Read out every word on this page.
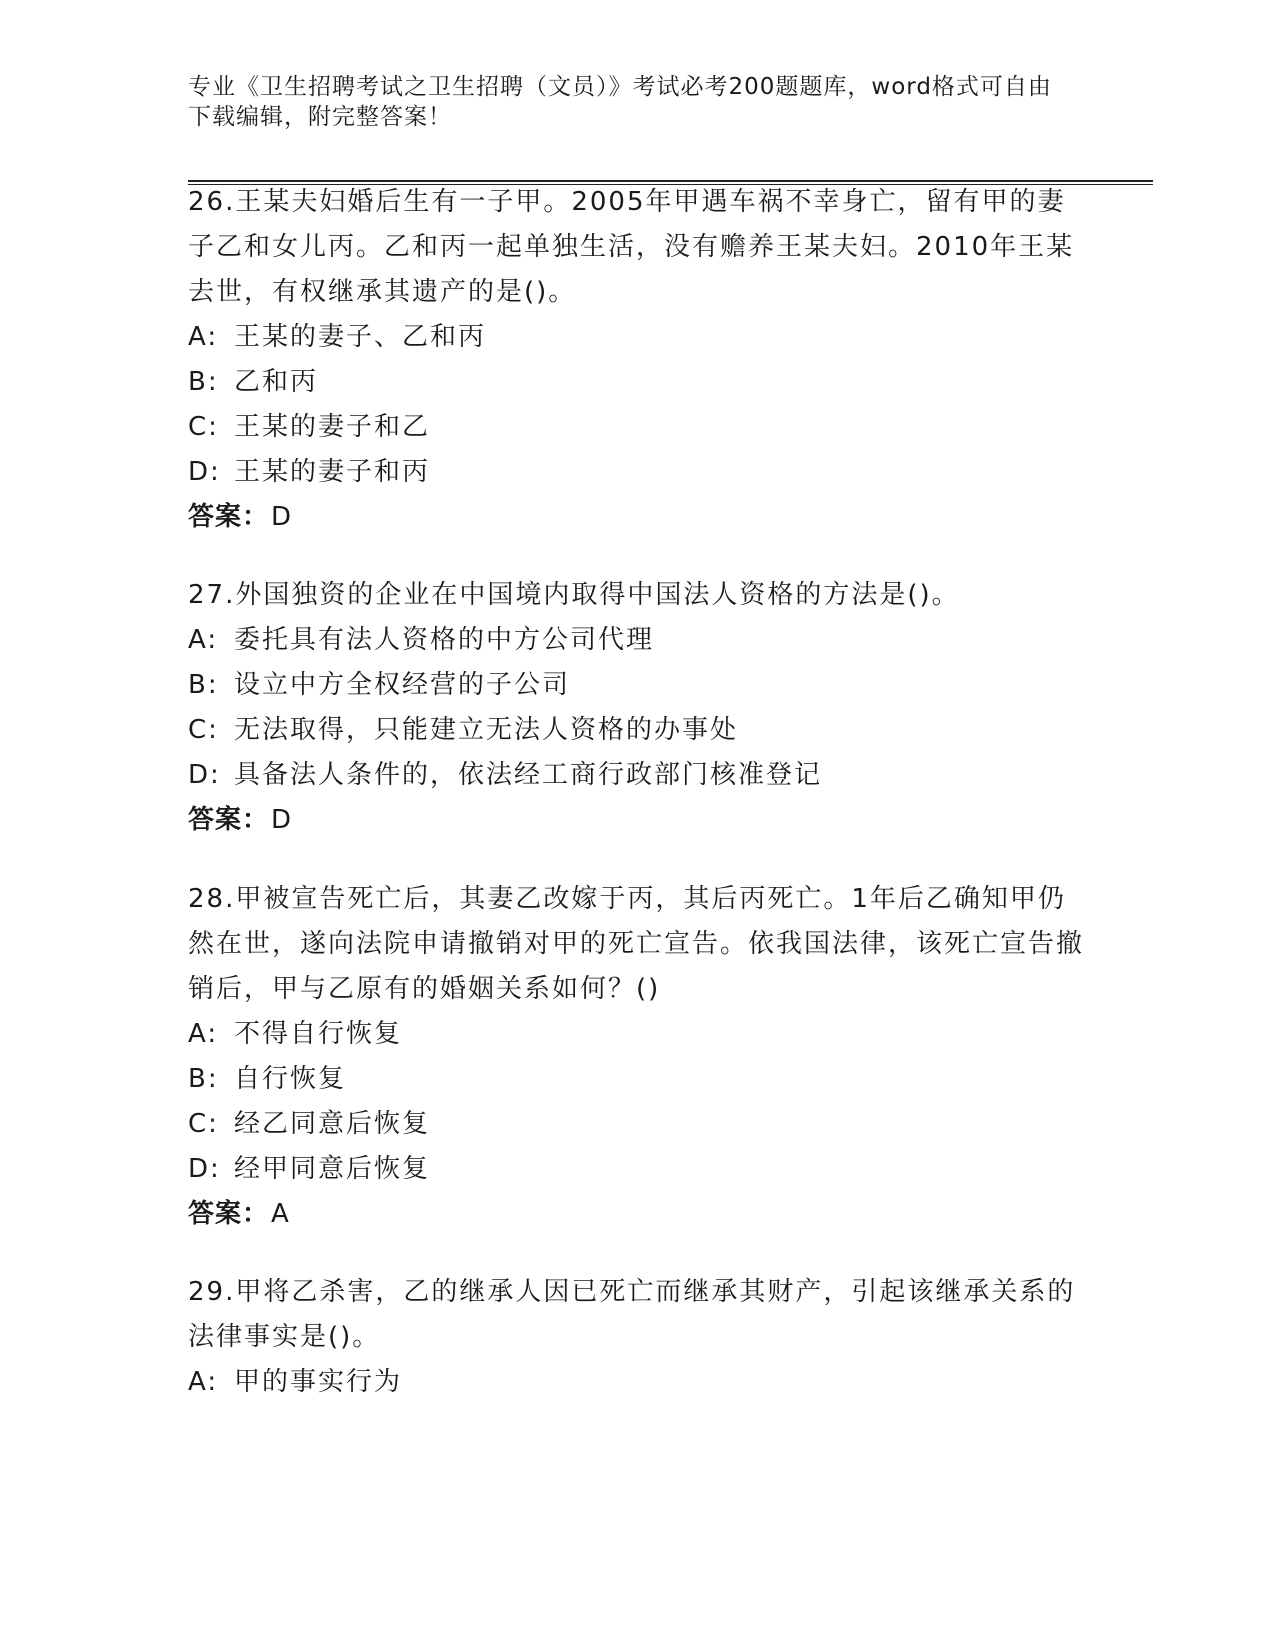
专业《卫生招聘考试之卫生招聘（文员）》考试必考200题题库，word格式可自由下载编辑，附完整答案！

26.王某夫妇婚后生有一子甲。2005年甲遇车祸不幸身亡，留有甲的妻子乙和女儿丙。乙和丙一起单独生活，没有赡养王某夫妇。2010年王某去世，有权继承其遗产的是()。

A: 王某的妻子、乙和丙

B: 乙和丙

C: 王某的妻子和乙

D: 王某的妻子和丙

答案：D

27.外国独资的企业在中国境内取得中国法人资格的方法是()。

A: 委托具有法人资格的中方公司代理

B: 设立中方全权经营的子公司

C: 无法取得，只能建立无法人资格的办事处

D: 具备法人条件的，依法经工商行政部门核准登记

答案：D

28.甲被宣告死亡后，其妻乙改嫁于丙，其后丙死亡。1年后乙确知甲仍然在世，遂向法院申请撤销对甲的死亡宣告。依我国法律，该死亡宣告撤销后，甲与乙原有的婚姻关系如何？()

A: 不得自行恢复

B: 自行恢复

C: 经乙同意后恢复

D: 经甲同意后恢复

答案：A

29.甲将乙杀害，乙的继承人因已死亡而继承其财产，引起该继承关系的法律事实是()。

A: 甲的事实行为
